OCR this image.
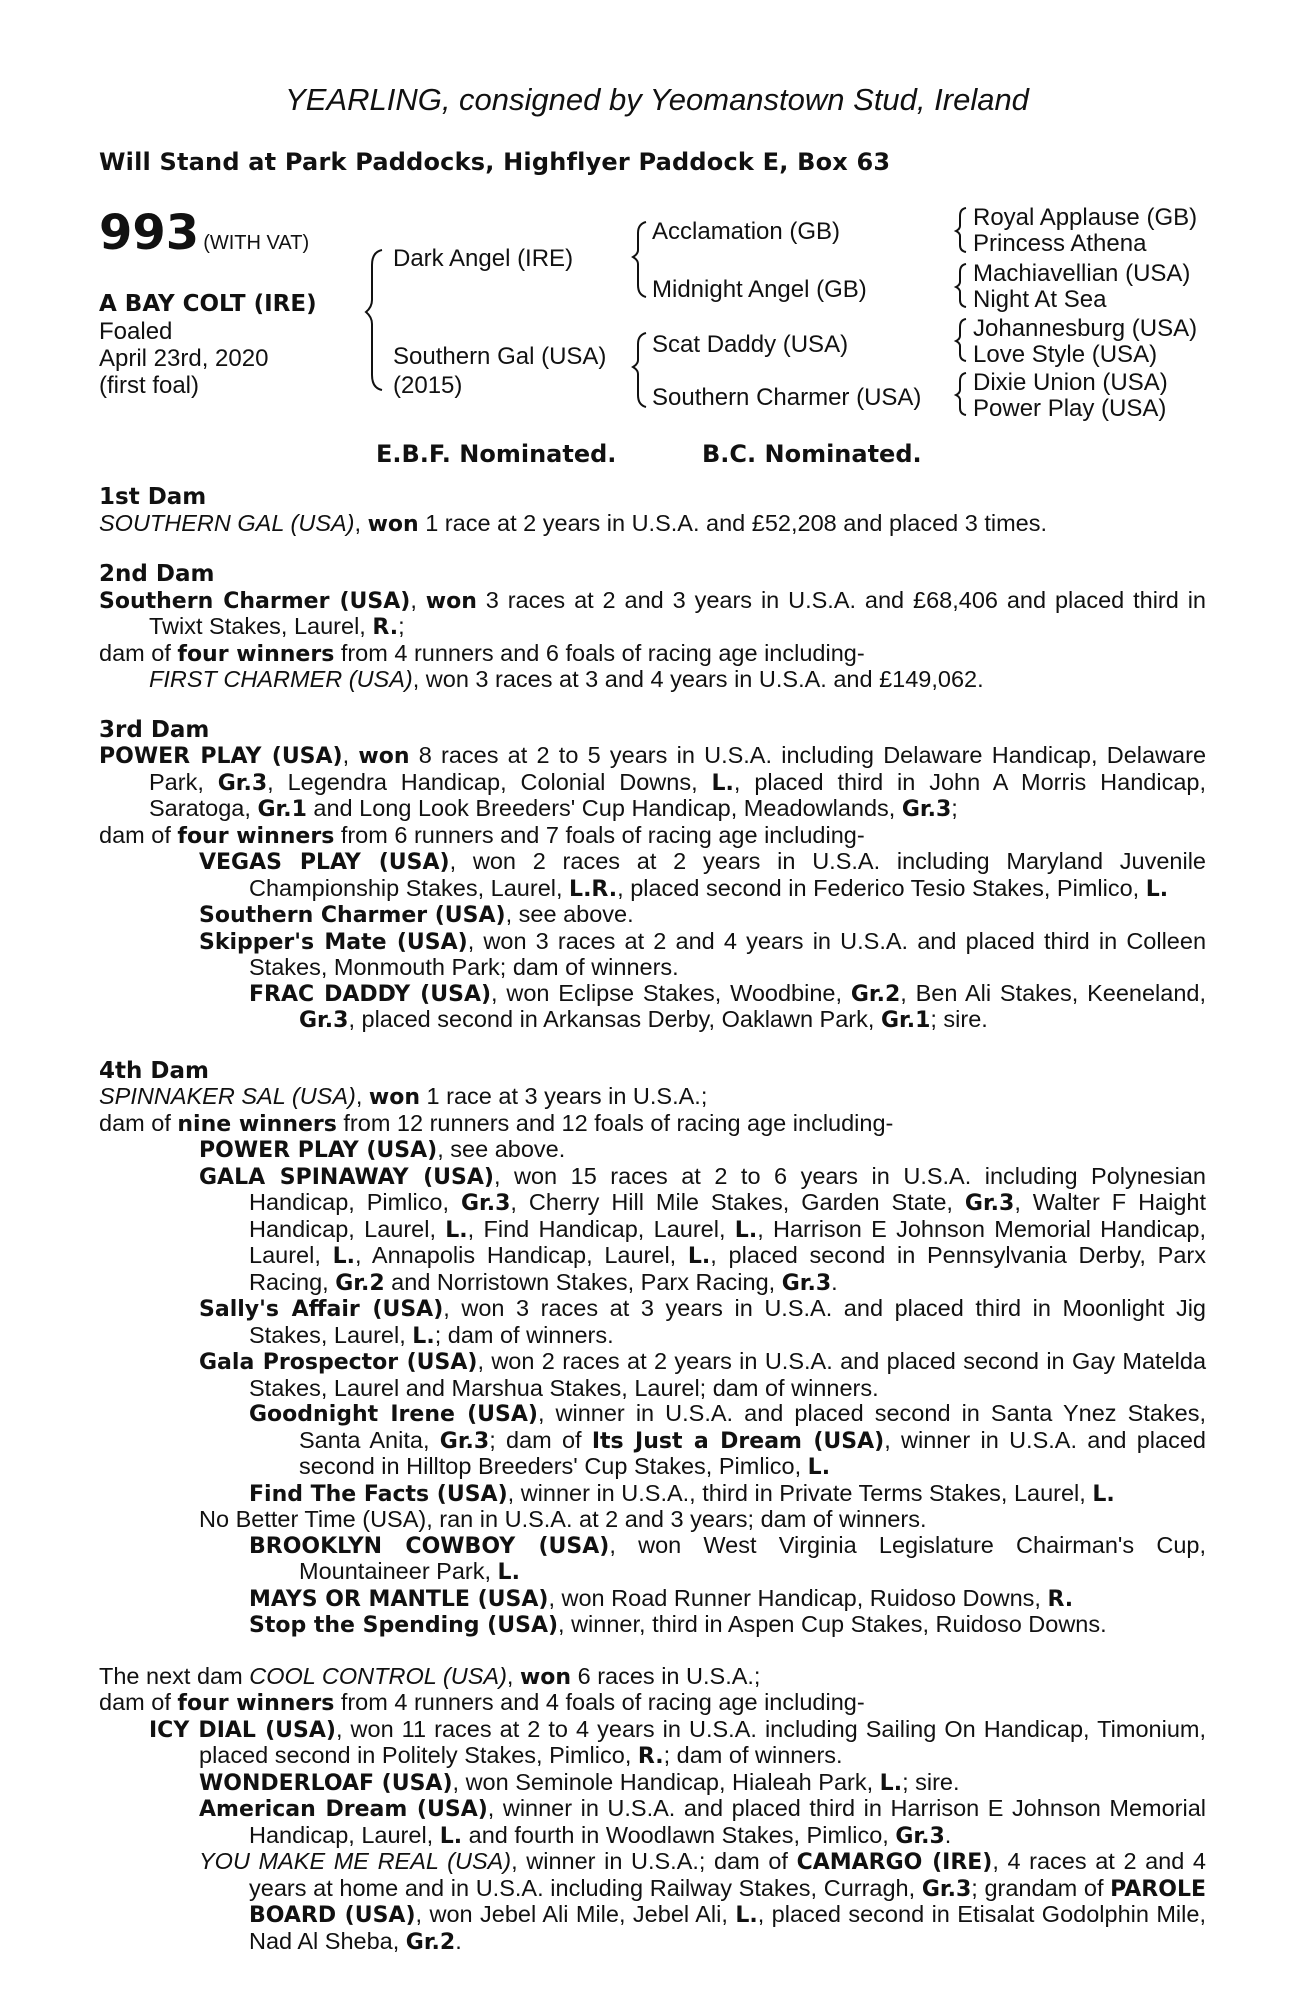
YEARLING, consigned by Yeomanstown Stud, Ireland
Will Stand at Park Paddocks, Highflyer Paddock E, Box 63
993 (WITH VAT)
A BAY COLT (IRE)
Foaled
April 23rd, 2020
(first foal)
Dark Angel (IRE)
Southern Gal (USA)
(2015)
Acclamation (GB)
Midnight Angel (GB)
Scat Daddy (USA)
Southern Charmer (USA)
Royal Applause (GB)
Princess Athena
Machiavellian (USA)
Night At Sea
Johannesburg (USA)
Love Style (USA)
Dixie Union (USA)
Power Play (USA)
E.B.F. Nominated.	B.C. Nominated.
1st Dam
SOUTHERN GAL (USA), won 1 race at 2 years in U.S.A. and £52,208 and placed 3 times.
2nd Dam
Southern Charmer (USA), won 3 races at 2 and 3 years in U.S.A. and £68,406 and placed third in Twixt Stakes, Laurel, R.;
dam of four winners from 4 runners and 6 foals of racing age including-
FIRST CHARMER (USA), won 3 races at 3 and 4 years in U.S.A. and £149,062.
3rd Dam
POWER PLAY (USA), won 8 races at 2 to 5 years in U.S.A. including Delaware Handicap, Delaware Park, Gr.3, Legendra Handicap, Colonial Downs, L., placed third in John A Morris Handicap, Saratoga, Gr.1 and Long Look Breeders' Cup Handicap, Meadowlands, Gr.3;
dam of four winners from 6 runners and 7 foals of racing age including-
VEGAS PLAY (USA), won 2 races at 2 years in U.S.A. including Maryland Juvenile Championship Stakes, Laurel, L.R., placed second in Federico Tesio Stakes, Pimlico, L.
Southern Charmer (USA), see above.
Skipper's Mate (USA), won 3 races at 2 and 4 years in U.S.A. and placed third in Colleen Stakes, Monmouth Park; dam of winners.
FRAC DADDY (USA), won Eclipse Stakes, Woodbine, Gr.2, Ben Ali Stakes, Keeneland, Gr.3, placed second in Arkansas Derby, Oaklawn Park, Gr.1; sire.
4th Dam
SPINNAKER SAL (USA), won 1 race at 3 years in U.S.A.;
dam of nine winners from 12 runners and 12 foals of racing age including-
POWER PLAY (USA), see above.
GALA SPINAWAY (USA), won 15 races at 2 to 6 years in U.S.A. including Polynesian Handicap, Pimlico, Gr.3, Cherry Hill Mile Stakes, Garden State, Gr.3, Walter F Haight Handicap, Laurel, L., Find Handicap, Laurel, L., Harrison E Johnson Memorial Handicap, Laurel, L., Annapolis Handicap, Laurel, L., placed second in Pennsylvania Derby, Parx Racing, Gr.2 and Norristown Stakes, Parx Racing, Gr.3.
Sally's Affair (USA), won 3 races at 3 years in U.S.A. and placed third in Moonlight Jig Stakes, Laurel, L.; dam of winners.
Gala Prospector (USA), won 2 races at 2 years in U.S.A. and placed second in Gay Matelda Stakes, Laurel and Marshua Stakes, Laurel; dam of winners.
Goodnight Irene (USA), winner in U.S.A. and placed second in Santa Ynez Stakes, Santa Anita, Gr.3; dam of Its Just a Dream (USA), winner in U.S.A. and placed second in Hilltop Breeders' Cup Stakes, Pimlico, L.
Find The Facts (USA), winner in U.S.A., third in Private Terms Stakes, Laurel, L.
No Better Time (USA), ran in U.S.A. at 2 and 3 years; dam of winners.
BROOKLYN COWBOY (USA), won West Virginia Legislature Chairman's Cup, Mountaineer Park, L.
MAYS OR MANTLE (USA), won Road Runner Handicap, Ruidoso Downs, R.
Stop the Spending (USA), winner, third in Aspen Cup Stakes, Ruidoso Downs.
The next dam COOL CONTROL (USA), won 6 races in U.S.A.;
dam of four winners from 4 runners and 4 foals of racing age including-
ICY DIAL (USA), won 11 races at 2 to 4 years in U.S.A. including Sailing On Handicap, Timonium, placed second in Politely Stakes, Pimlico, R.; dam of winners.
WONDERLOAF (USA), won Seminole Handicap, Hialeah Park, L.; sire.
American Dream (USA), winner in U.S.A. and placed third in Harrison E Johnson Memorial Handicap, Laurel, L. and fourth in Woodlawn Stakes, Pimlico, Gr.3.
YOU MAKE ME REAL (USA), winner in U.S.A.; dam of CAMARGO (IRE), 4 races at 2 and 4 years at home and in U.S.A. including Railway Stakes, Curragh, Gr.3; grandam of PAROLE BOARD (USA), won Jebel Ali Mile, Jebel Ali, L., placed second in Etisalat Godolphin Mile, Nad Al Sheba, Gr.2.
